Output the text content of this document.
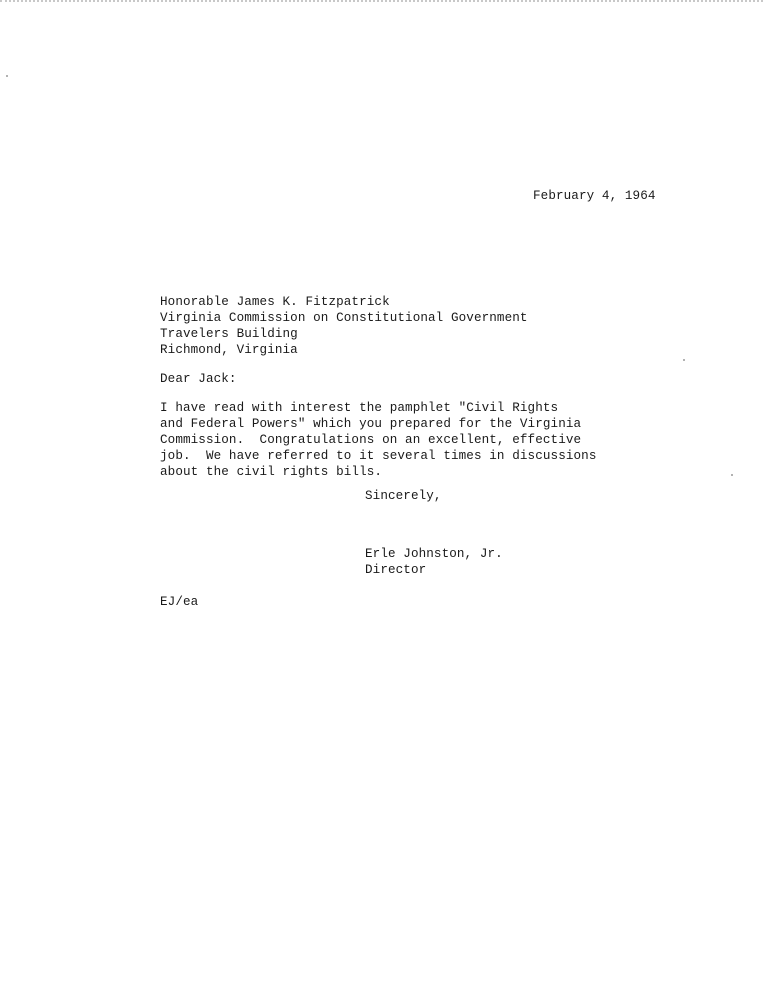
February 4, 1964
Honorable James K. Fitzpatrick
Virginia Commission on Constitutional Government
Travelers Building
Richmond, Virginia
Dear Jack:
I have read with interest the pamphlet "Civil Rights
and Federal Powers" which you prepared for the Virginia
Commission.  Congratulations on an excellent, effective
job.  We have referred to it several times in discussions
about the civil rights bills.
Sincerely,
Erle Johnston, Jr.
Director
EJ/ea
